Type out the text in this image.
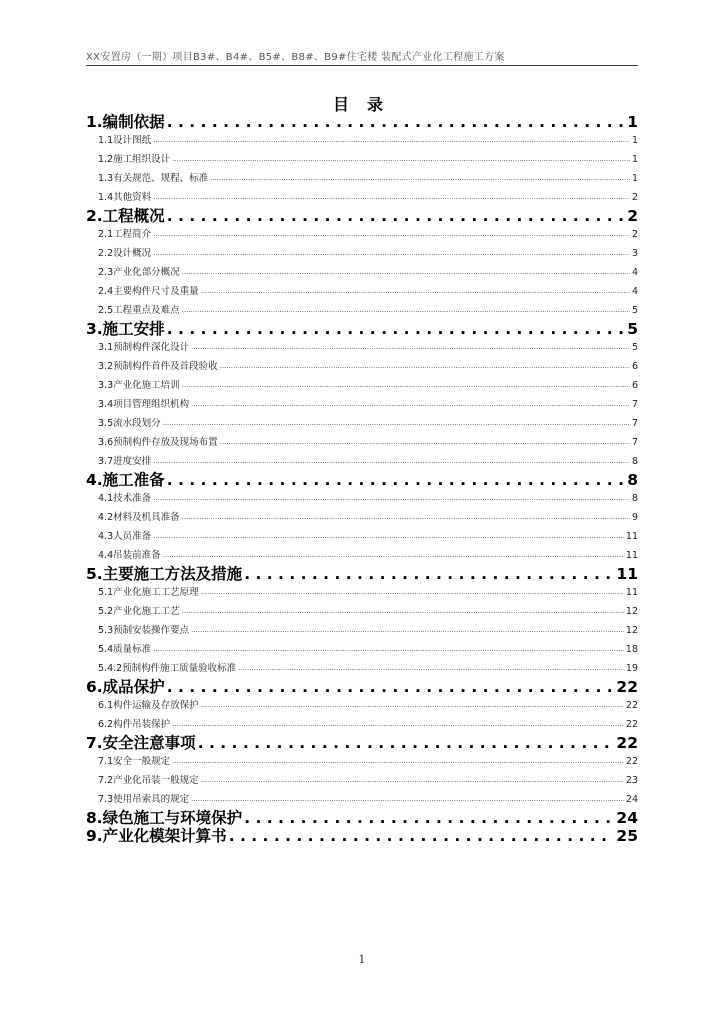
XX安置房（一期）项目B3#、B4#、B5#、B8#、B9#住宅楼 装配式产业化工程施工方案
目录
1.编制依据 . . .	1
1.1设计图纸 .....	1
1.2施工组织设计 .....	1
1.3有关规范、规程、标准 .....	1
1.4其他资料 .....	2
2.工程概况 . . .	2
2.1工程简介 .....	2
2.2设计概况 .....	3
2.3产业化部分概况 .....	4
2.4主要构件尺寸及重量 .....	4
2.5工程重点及难点 .....	5
3.施工安排 . . .	5
3.1预制构件深化设计 .....	5
3.2预制构件首件及首段验收 .....	6
3.3产业化施工培训 .....	6
3.4项目管理组织机构 .....	7
3.5流水段划分 .....	7
3.6预制构件存放及现场布置 .....	7
3.7进度安排 .....	8
4.施工准备 . . .	8
4.1技术准备 .....	8
4.2材料及机具准备 .....	9
4.3人员准备 .....	11
4.4吊装前准备 .....	11
5.主要施工方法及措施 . . .	11
5.1产业化施工工艺原理 .....	11
5.2产业化施工工艺 .....	12
5.3预制安装操作要点 .....	12
5.4质量标准 .....	18
5.4.2预制构件施工质量验收标准 .....	19
6.成品保护 . . .	22
6.1构件运输及存放保护 .....	22
6.2构件吊装保护 .....	22
7.安全注意事项 . . .	22
7.1安全一般规定 .....	22
7.2产业化吊装一般规定 .....	23
7.3使用吊索具的规定 .....	24
8.绿色施工与环境保护 . . .	24
9.产业化模架计算书 . . .	25
1
